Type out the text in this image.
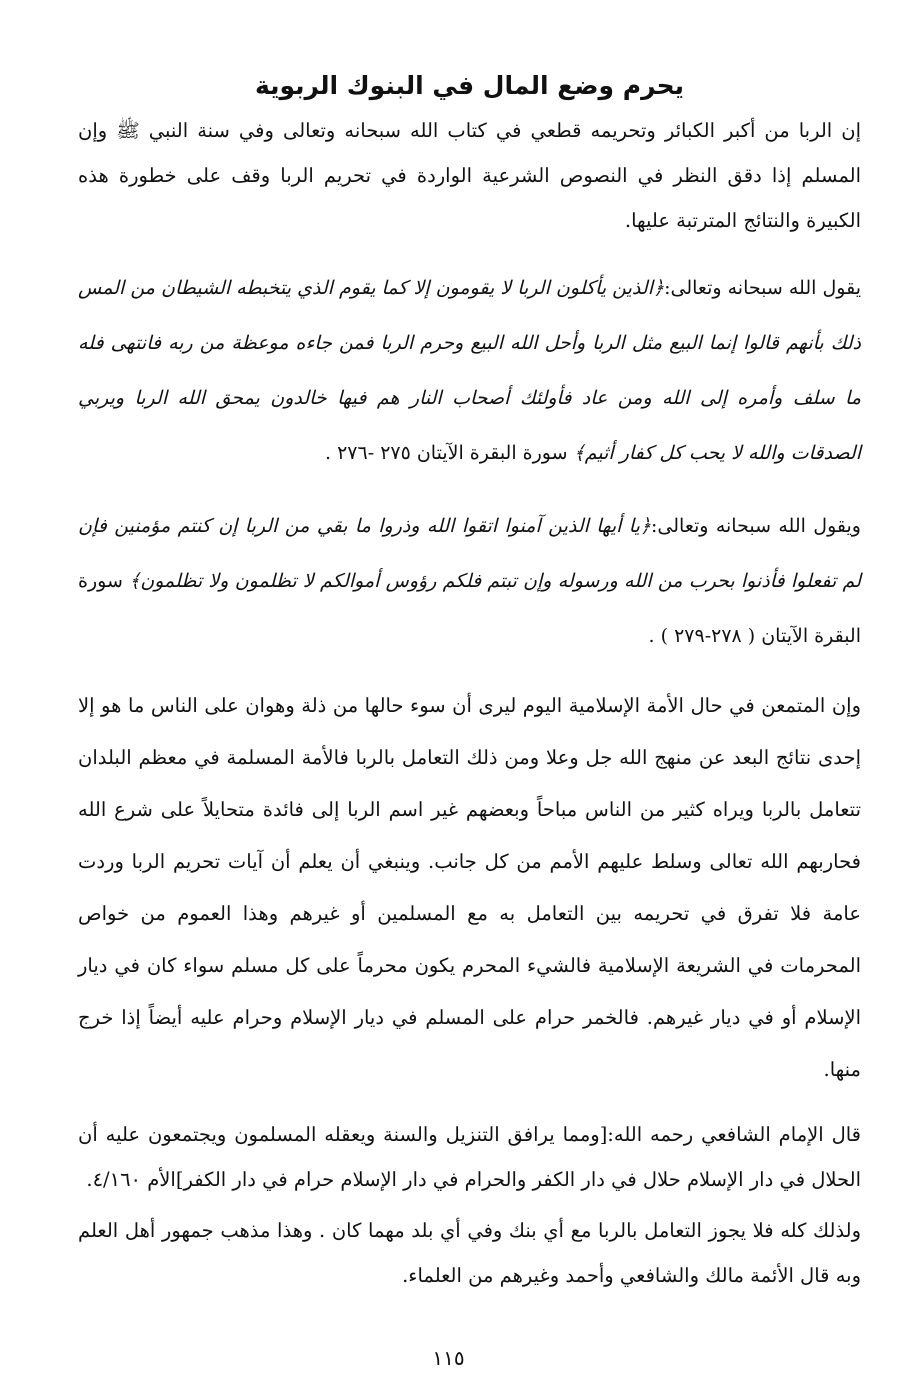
يحرم وضع المال في البنوك الربوية

إن الربا من أكبر الكبائر وتحريمه قطعي في كتاب الله سبحانه وتعالى وفي سنة النبي ﷺ وإن المسلم إذا دقق النظر في النصوص الشرعية الواردة في تحريم الربا وقف على خطورة هذه الكبيرة والنتائج المترتبة عليها.

يقول الله سبحانه وتعالى:﴿الذين يأكلون الربا لا يقومون إلا كما يقوم الذي يتخبطه الشيطان من المس ذلك بأنهم قالوا إنما البيع مثل الربا وأحل الله البيع وحرم الربا فمن جاءه موعظة من ربه فانتهى فله ما سلف وأمره إلى الله ومن عاد فأولئك أصحاب النار هم فيها خالدون يمحق الله الربا ويربي الصدقات والله لا يحب كل كفار أثيم﴾ سورة البقرة الآيتان ٢٧٥ -٢٧٦ .

ويقول الله سبحانه وتعالى:﴿يا أيها الذين آمنوا اتقوا الله وذروا ما بقي من الربا إن كنتم مؤمنين فإن لم تفعلوا فأذنوا بحرب من الله ورسوله وإن تبتم فلكم رؤوس أموالكم لا تظلمون ولا تظلمون﴾ سورة البقرة الآيتان ( ٢٧٨-٢٧٩ ) .

وإن المتمعن في حال الأمة الإسلامية اليوم ليرى أن سوء حالها من ذلة وهوان على الناس ما هو إلا إحدى نتائج البعد عن منهج الله جل وعلا ومن ذلك التعامل بالربا فالأمة المسلمة في معظم البلدان تتعامل بالربا ويراه كثير من الناس مباحاً وبعضهم غير اسم الربا إلى فائدة متحايلاً على شرع الله فحاربهم الله تعالى وسلط عليهم الأمم من كل جانب. وينبغي أن يعلم أن آيات تحريم الربا وردت عامة فلا تفرق في تحريمه بين التعامل به مع المسلمين أو غيرهم وهذا العموم من خواص المحرمات في الشريعة الإسلامية فالشيء المحرم يكون محرماً على كل مسلم سواء كان في ديار الإسلام أو في ديار غيرهم. فالخمر حرام على المسلم في ديار الإسلام وحرام عليه أيضاً إذا خرج منها.

قال الإمام الشافعي رحمه الله:[ومما يرافق التنزيل والسنة ويعقله المسلمون ويجتمعون عليه أن الحلال في دار الإسلام حلال في دار الكفر والحرام في دار الإسلام حرام في دار الكفر]الأم ٤/١٦٠.

ولذلك كله فلا يجوز التعامل بالربا مع أي بنك وفي أي بلد مهما كان . وهذا مذهب جمهور أهل العلم وبه قال الأئمة مالك والشافعي وأحمد وغيرهم من العلماء.

١١٥
